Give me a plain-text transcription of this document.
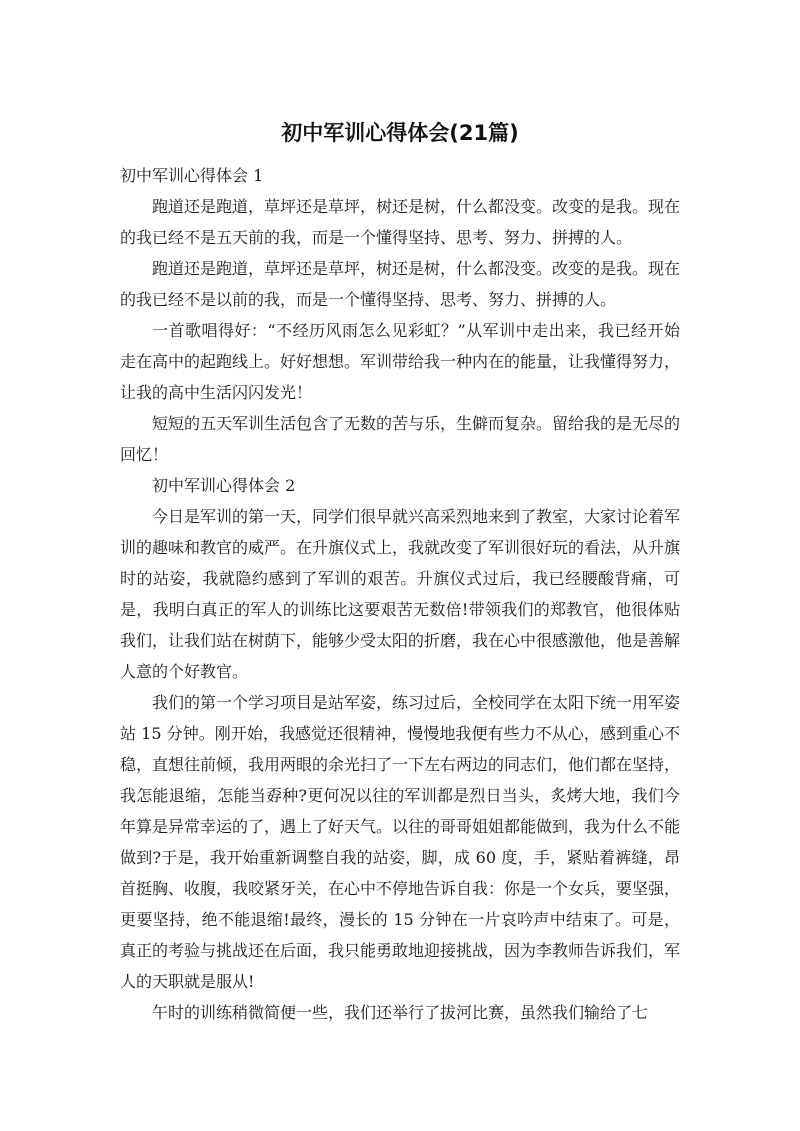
初中军训心得体会(21篇)

初中军训心得体会 1

跑道还是跑道，草坪还是草坪，树还是树，什么都没变。改变的是我。现在的我已经不是五天前的我，而是一个懂得坚持、思考、努力、拼搏的人。

跑道还是跑道，草坪还是草坪，树还是树，什么都没变。改变的是我。现在的我已经不是以前的我，而是一个懂得坚持、思考、努力、拼搏的人。

一首歌唱得好：“不经历风雨怎么见彩虹？”从军训中走出来，我已经开始走在高中的起跑线上。好好想想。军训带给我一种内在的能量，让我懂得努力，让我的高中生活闪闪发光！

短短的五天军训生活包含了无数的苦与乐，生僻而复杂。留给我的是无尽的回忆！

初中军训心得体会 2

今日是军训的第一天，同学们很早就兴高采烈地来到了教室，大家讨论着军训的趣味和教官的威严。在升旗仪式上，我就改变了军训很好玩的看法，从升旗时的站姿，我就隐约感到了军训的艰苦。升旗仪式过后，我已经腰酸背痛，可是，我明白真正的军人的训练比这要艰苦无数倍!带领我们的郑教官，他很体贴我们，让我们站在树荫下，能够少受太阳的折磨，我在心中很感激他，他是善解人意的个好教官。

我们的第一个学习项目是站军姿，练习过后，全校同学在太阳下统一用军姿站 15 分钟。刚开始，我感觉还很精神，慢慢地我便有些力不从心，感到重心不稳，直想往前倾，我用两眼的余光扫了一下左右两边的同志们，他们都在坚持，我怎能退缩，怎能当孬种?更何况以往的军训都是烈日当头，炙烤大地，我们今年算是异常幸运的了，遇上了好天气。以往的哥哥姐姐都能做到，我为什么不能做到?于是，我开始重新调整自我的站姿，脚，成 60 度，手，紧贴着裤缝，昂首挺胸、收腹，我咬紧牙关，在心中不停地告诉自我：你是一个女兵，要坚强，更要坚持，绝不能退缩!最终，漫长的 15 分钟在一片哀吟声中结束了。可是，真正的考验与挑战还在后面，我只能勇敢地迎接挑战，因为李教师告诉我们，军人的天职就是服从!

午时的训练稍微简便一些，我们还举行了拔河比赛，虽然我们输给了七
